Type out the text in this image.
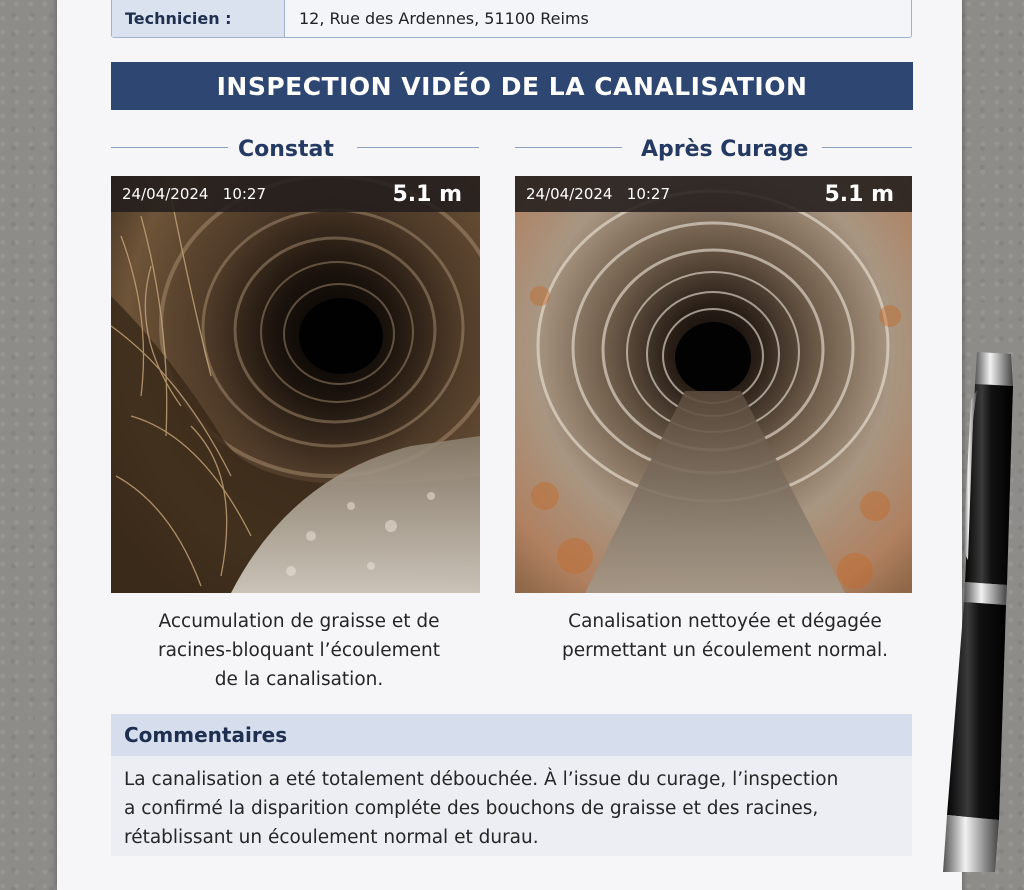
Technicien :	12, Rue des Ardennes, 51100 Reims
INSPECTION VIDÉO DE LA CANALISATION
Constat	Après Curage
24/04/2024 10:27	5.1 m	24/04/2024 10:27	5.1 m
Accumulation de graisse et de
racines-bloquant l’écoulement
de la canalisation.
Canalisation nettoyée et dégagée
permettant un écoulement normal.
Commentaires
La canalisation a eté totalement débouchée. À l’issue du curage, l’inspection
a confirmé la disparition compléte des bouchons de graisse et des racines,
rétablissant un écoulement normal et durau.
